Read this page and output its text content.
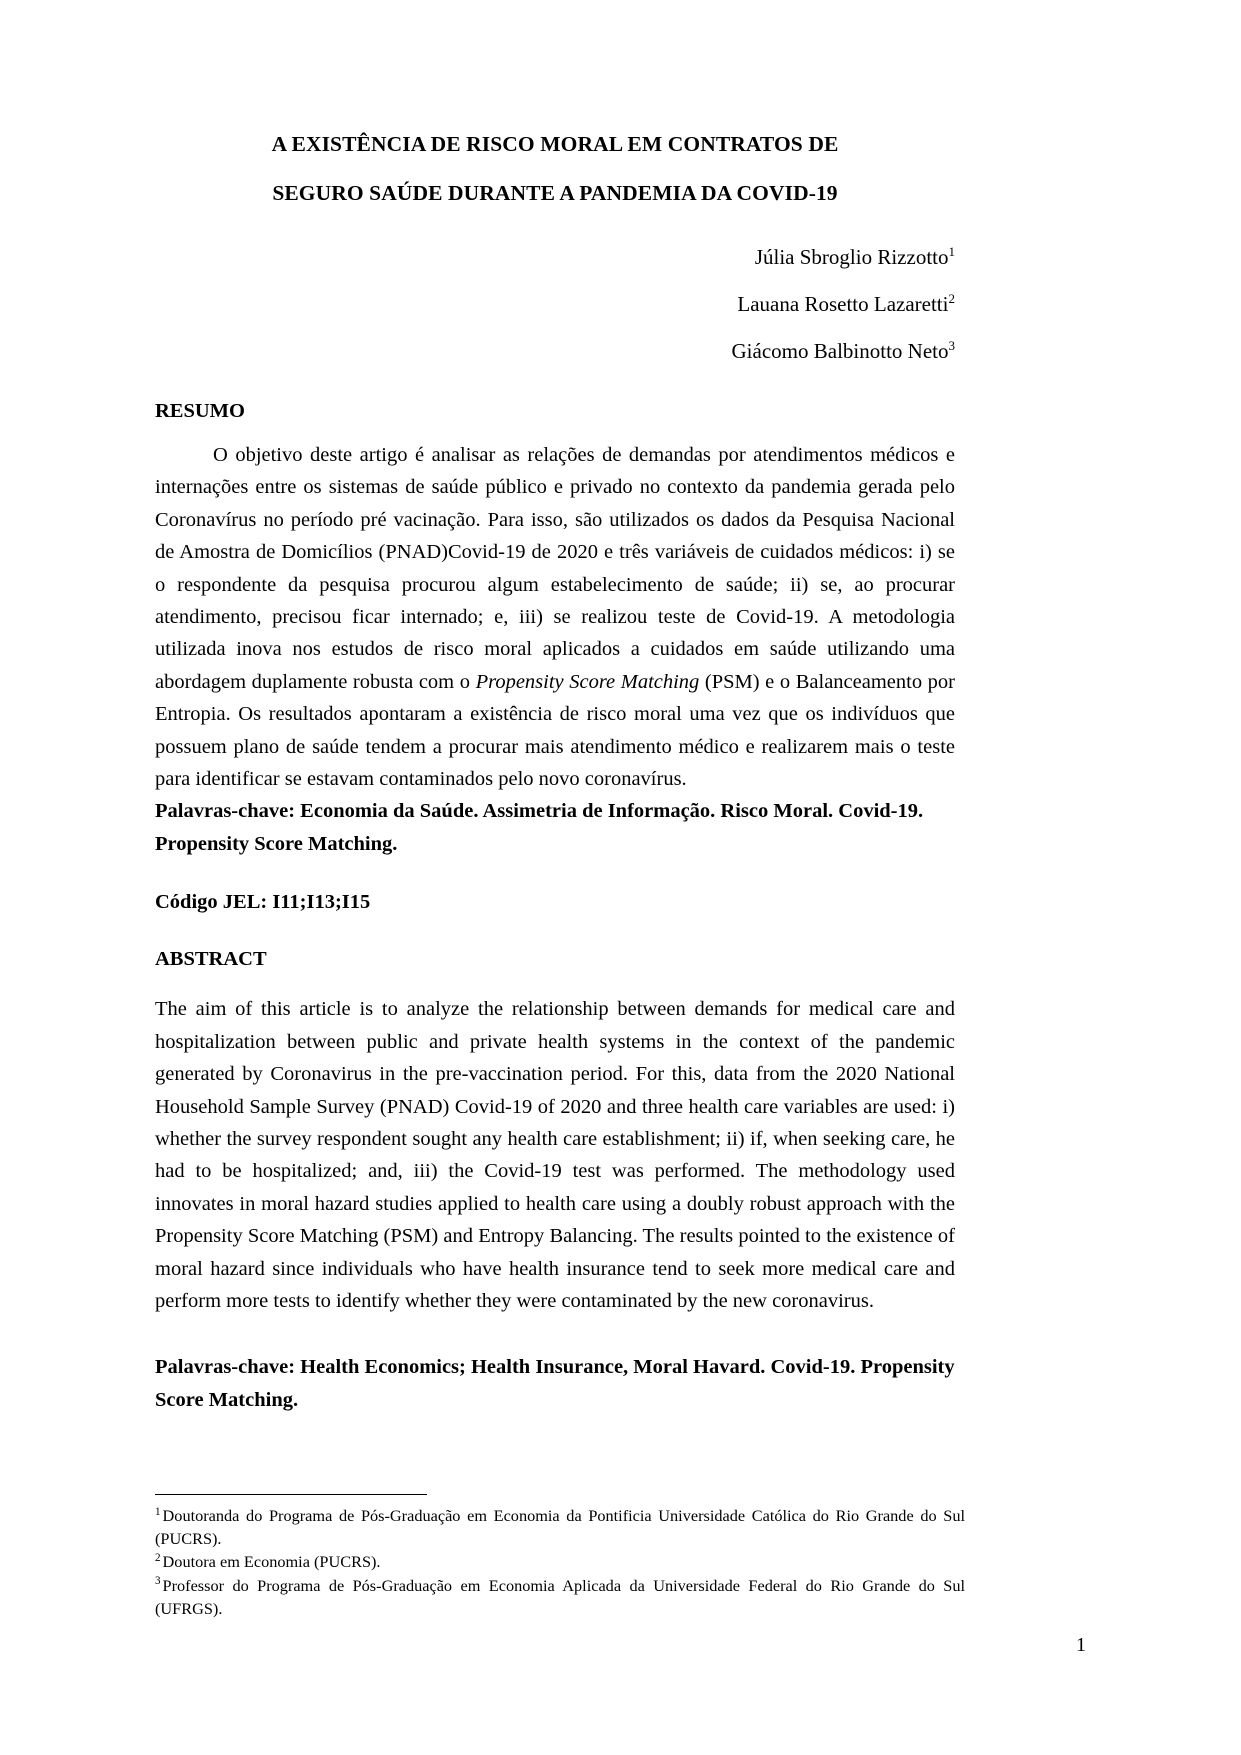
A EXISTÊNCIA DE RISCO MORAL EM CONTRATOS DE
SEGURO SAÚDE DURANTE A PANDEMIA DA COVID-19
Júlia Sbroglio Rizzotto$^1$
Lauana Rosetto Lazaretti$^2$
Giácomo Balbinotto Neto$^3$
RESUMO

O objetivo deste artigo é analisar as relações de demandas por atendimentos médicos e internações entre os sistemas de saúde público e privado no contexto da pandemia gerada pelo Coronavírus no período pré vacinação. Para isso, são utilizados os dados da Pesquisa Nacional de Amostra de Domicílios (PNAD)Covid-19 de 2020 e três variáveis de cuidados médicos: i) se o respondente da pesquisa procurou algum estabelecimento de saúde; ii) se, ao procurar atendimento, precisou ficar internado; e, iii) se realizou teste de Covid-19. A metodologia utilizada inova nos estudos de risco moral aplicados a cuidados em saúde utilizando uma abordagem duplamente robusta com o Propensity Score Matching (PSM) e o Balanceamento por Entropia. Os resultados apontaram a existência de risco moral uma vez que os indivíduos que possuem plano de saúde tendem a procurar mais atendimento médico e realizarem mais o teste para identificar se estavam contaminados pelo novo coronavírus.

Palavras-chave: Economia da Saúde. Assimetria de Informação. Risco Moral. Covid-19. Propensity Score Matching.

Código JEL: I11;I13;I15

ABSTRACT

The aim of this article is to analyze the relationship between demands for medical care and hospitalization between public and private health systems in the context of the pandemic generated by Coronavirus in the pre-vaccination period. For this, data from the 2020 National Household Sample Survey (PNAD) Covid-19 of 2020 and three health care variables are used: i) whether the survey respondent sought any health care establishment; ii) if, when seeking care, he had to be hospitalized; and, iii) the Covid-19 test was performed. The methodology used innovates in moral hazard studies applied to health care using a doubly robust approach with the Propensity Score Matching (PSM) and Entropy Balancing. The results pointed to the existence of moral hazard since individuals who have health insurance tend to seek more medical care and perform more tests to identify whether they were contaminated by the new coronavirus.

Palavras-chave: Health Economics; Health Insurance, Moral Havard. Covid-19. Propensity Score Matching.

$^1$ Doutoranda do Programa de Pós-Graduação em Economia da Pontificia Universidade Católica do Rio Grande do Sul (PUCRS).

$^2$ Doutora em Economia (PUCRS).

$^3$ Professor do Programa de Pós-Graduação em Economia Aplicada da Universidade Federal do Rio Grande do Sul (UFRGS).

1
